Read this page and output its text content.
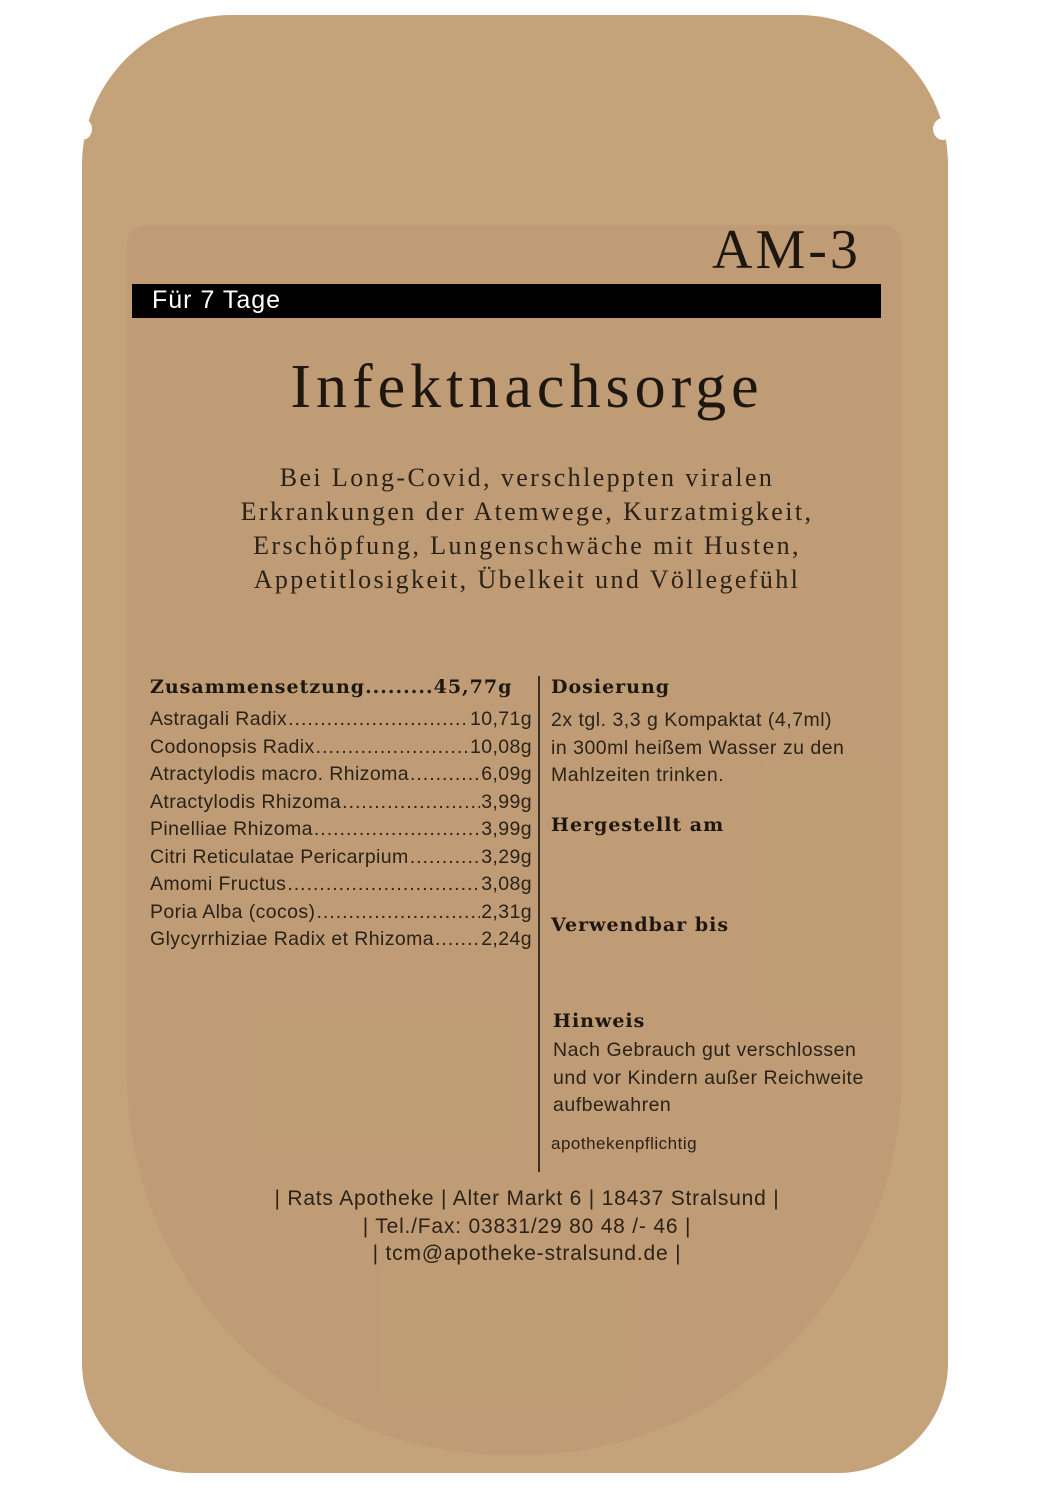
AM-3
Für 7 Tage
Infektnachsorge
Bei Long-Covid, verschleppten viralen
Erkrankungen der Atemwege, Kurzatmigkeit,
Erschöpfung, Lungenschwäche mit Husten,
Appetitlosigkeit, Übelkeit und Völlegefühl
Zusammensetzung.........45,77g
Astragali Radix .....	10,71g
Codonopsis Radix .....	10,08g
Atractylodis macro. Rhizoma .....	6,09g
Atractylodis Rhizoma .....	3,99g
Pinelliae Rhizoma .....	3,99g
Citri Reticulatae Pericarpium .....	3,29g
Amomi Fructus .....	3,08g
Poria Alba (cocos) .....	2,31g
Glycyrrhiziae Radix et Rhizoma ..... 2,24g
Dosierung
2x tgl. 3,3 g Kompaktat (4,7ml)
in 300ml heißem Wasser zu den
Mahlzeiten trinken.
Hergestellt am
Verwendbar bis
Hinweis
Nach Gebrauch gut verschlossen
und vor Kindern außer Reichweite
aufbewahren
apothekenpflichtig
| Rats Apotheke | Alter Markt 6 | 18437 Stralsund |
| Tel./Fax: 03831/29 80 48 /- 46 |
| tcm@apotheke-stralsund.de |
